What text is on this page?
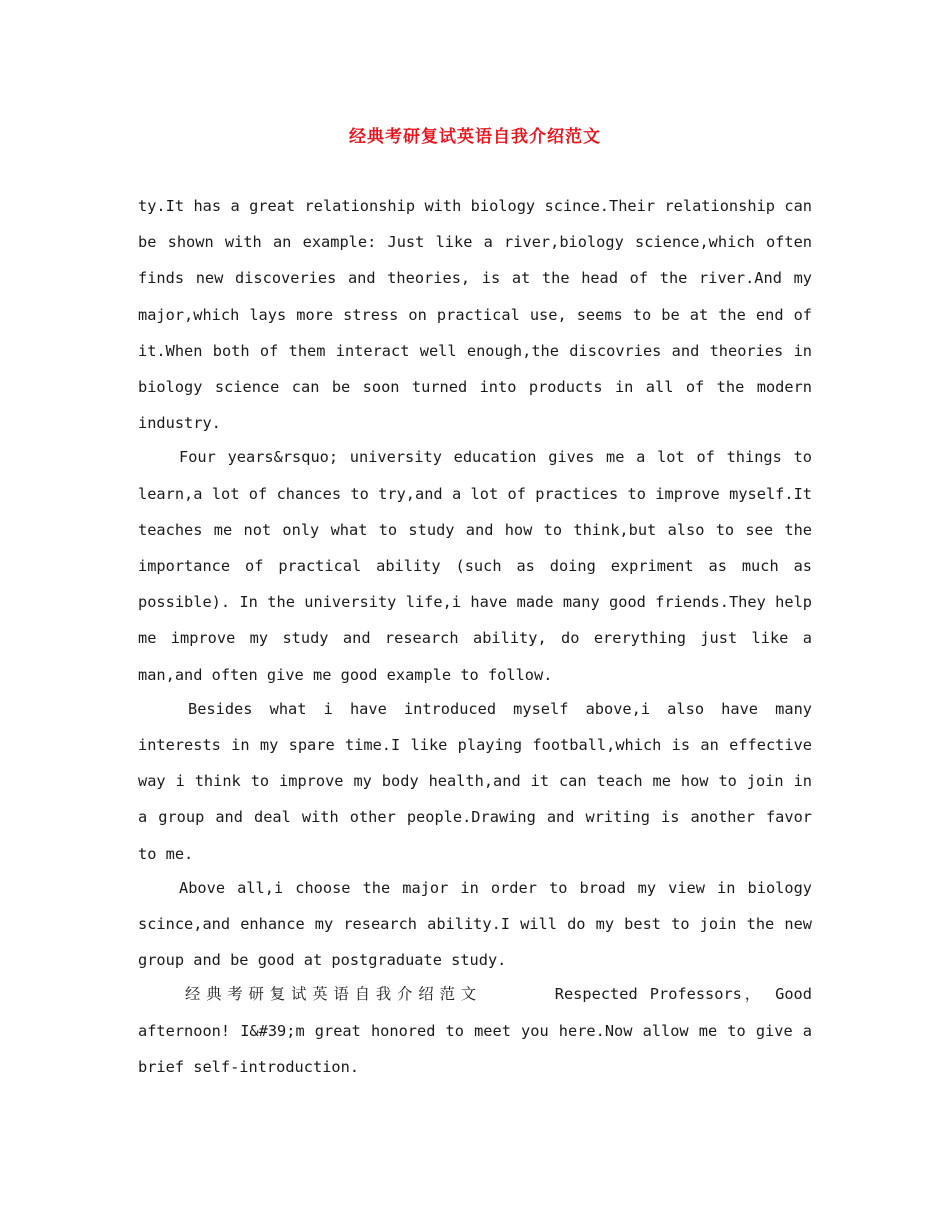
经典考研复试英语自我介绍范文

ty.It has a great relationship with biology scince.Their relationship can be shown with an example: Just like a river,biology science,which often finds new discoveries and theories, is at the head of the river.And my major,which lays more stress on practical use, seems to be at the end of it.When both of them interact well enough,the discovries and theories in biology science can be soon turned into products in all of the modern industry.

Four years&rsquo; university education gives me a lot of things to learn,a lot of chances to try,and a lot of practices to improve myself.It teaches me not only what to study and how to think,but also to see the importance of practical ability (such as doing expriment as much as possible). In the university life,i have made many good friends.They help me improve my study and research ability, do ererything just like a man,and often give me good example to follow.

Besides what i have introduced myself above,i also have many interests in my spare time.I like playing football,which is an effective way i think to improve my body health,and it can teach me how to join in a group and deal with other people.Drawing and writing is another favor to me.

Above all,i choose the major in order to broad my view in biology scince,and enhance my research ability.I will do my best to join the new group and be good at postgraduate study.

经典考研复试英语自我介绍范文	Respected Professors， Good afternoon! I&#39;m great honored to meet you here.Now allow me to give a brief self-introduction.
